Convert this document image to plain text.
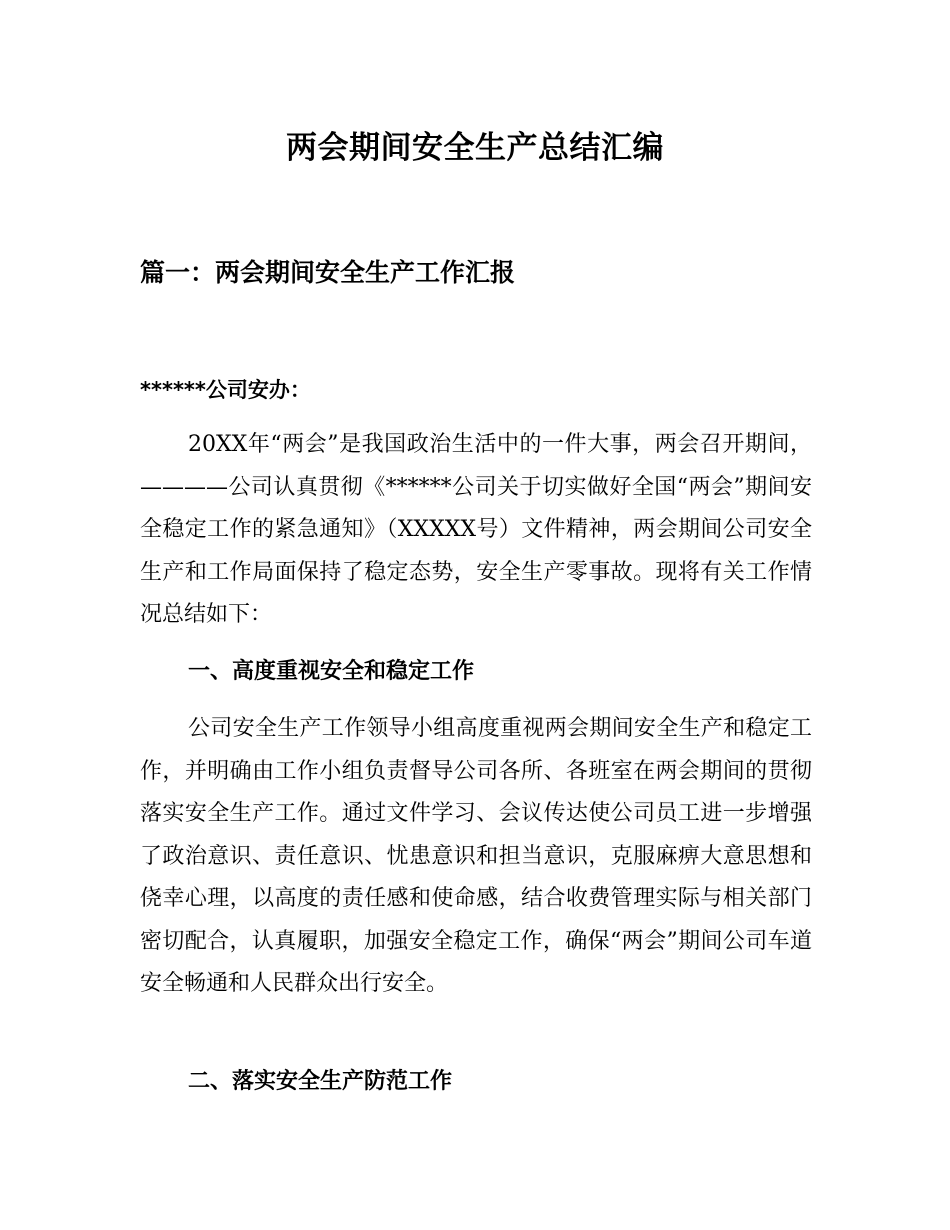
两会期间安全生产总结汇编
篇一：两会期间安全生产工作汇报
******公司安办：

20XX年“两会”是我国政治生活中的一件大事，两会召开期间，————公司认真贯彻《******公司关于切实做好全国“两会”期间安全稳定工作的紧急通知》（XXXXX号）文件精神，两会期间公司安全生产和工作局面保持了稳定态势，安全生产零事故。现将有关工作情况总结如下：

一、高度重视安全和稳定工作

公司安全生产工作领导小组高度重视两会期间安全生产和稳定工作，并明确由工作小组负责督导公司各所、各班室在两会期间的贯彻落实安全生产工作。通过文件学习、会议传达使公司员工进一步增强了政治意识、责任意识、忧患意识和担当意识，克服麻痹大意思想和侥幸心理，以高度的责任感和使命感，结合收费管理实际与相关部门密切配合，认真履职，加强安全稳定工作，确保“两会”期间公司车道安全畅通和人民群众出行安全。

二、落实安全生产防范工作
